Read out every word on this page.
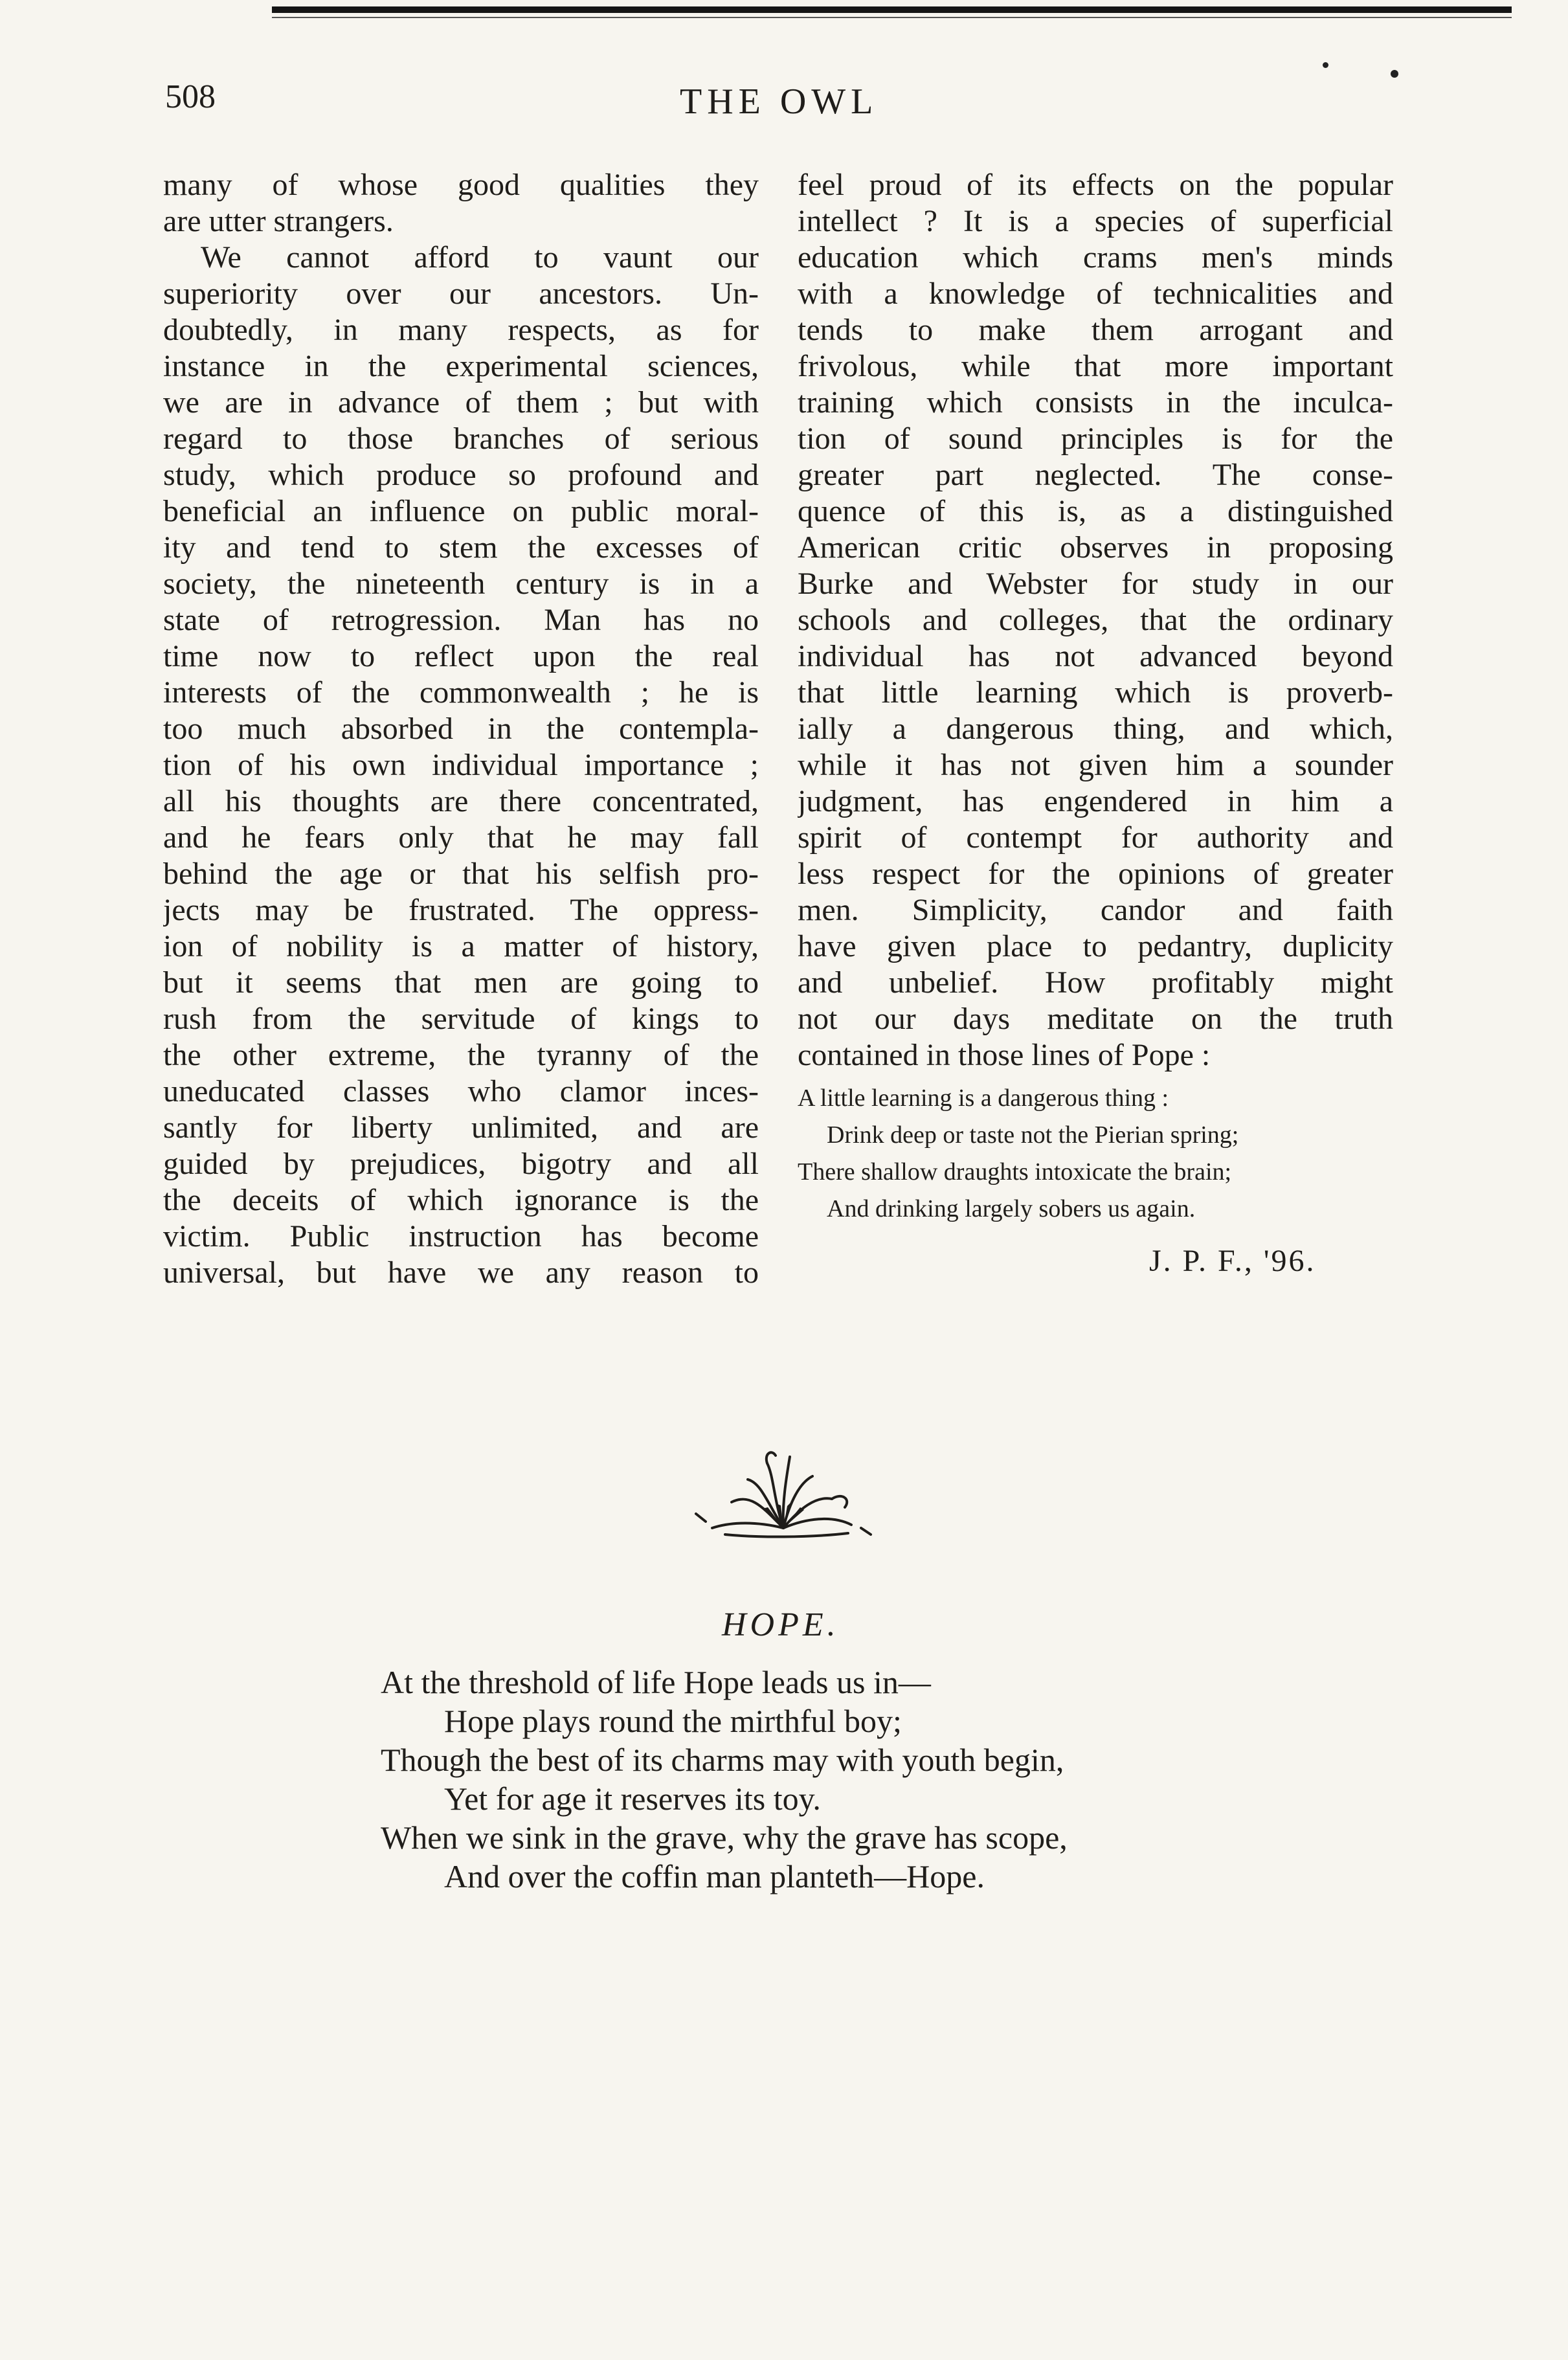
508	THE OWL
many of whose good qualities they
are utter strangers.
We cannot afford to vaunt our
superiority over our ancestors. Un-
doubtedly, in many respects, as for
instance in the experimental sciences,
we are in advance of them ; but with
regard to those branches of serious
study, which produce so profound and
beneficial an influence on public moral-
ity and tend to stem the excesses of
society, the nineteenth century is in a
state of retrogression. Man has no
time now to reflect upon the real
interests of the commonwealth ; he is
too much absorbed in the contempla-
tion of his own individual importance ;
all his thoughts are there concentrated,
and he fears only that he may fall
behind the age or that his selfish pro-
jects may be frustrated. The oppress-
ion of nobility is a matter of history,
but it seems that men are going to
rush from the servitude of kings to
the other extreme, the tyranny of the
uneducated classes who clamor inces-
santly for liberty unlimited, and are
guided by prejudices, bigotry and all
the deceits of which ignorance is the
victim. Public instruction has become
universal, but have we any reason to
feel proud of its effects on the popular
intellect ? It is a species of superficial
education which crams men's minds
with a knowledge of technicalities and
tends to make them arrogant and
frivolous, while that more important
training which consists in the inculca-
tion of sound principles is for the
greater part neglected. The conse-
quence of this is, as a distinguished
American critic observes in proposing
Burke and Webster for study in our
schools and colleges, that the ordinary
individual has not advanced beyond
that little learning which is proverb-
ially a dangerous thing, and which,
while it has not given him a sounder
judgment, has engendered in him a
spirit of contempt for authority and
less respect for the opinions of greater
men. Simplicity, candor and faith
have given place to pedantry, duplicity
and unbelief. How profitably might
not our days meditate on the truth
contained in those lines of Pope :
A little learning is a dangerous thing :
Drink deep or taste not the Pierian spring;
There shallow draughts intoxicate the brain;
And drinking largely sobers us again.
J. P. F., '96.
HOPE.
At the threshold of life Hope leads us in—
Hope plays round the mirthful boy;
Though the best of its charms may with youth begin,
Yet for age it reserves its toy.
When we sink in the grave, why the grave has scope,
And over the coffin man planteth—Hope.
